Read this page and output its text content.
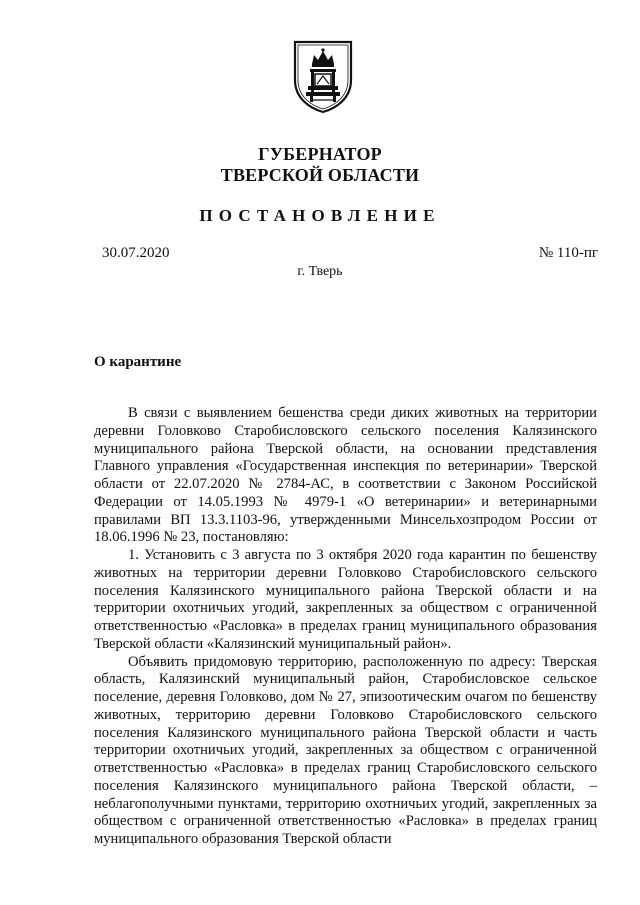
ГУБЕРНАТОР
ТВЕРСКОЙ ОБЛАСТИ
ПОСТАНОВЛЕНИЕ
30.07.2020	№ 110-пг
г. Тверь
О карантине

В связи с выявлением бешенства среди диких животных на территории деревни Головково Старобисловского сельского поселения Калязинского муниципального района Тверской области, на основании представления Главного управления «Государственная инспекция по ветеринарии» Тверской области от 22.07.2020 № 2784-АС, в соответствии с Законом Российской Федерации от 14.05.1993 № 4979-1 «О ветеринарии» и ветеринарными правилами ВП 13.3.1103-96, утвержденными Минсельхозпродом России от 18.06.1996 № 23, постановляю:

1. Установить с 3 августа по 3 октября 2020 года карантин по бешенству животных на территории деревни Головково Старобисловского сельского поселения Калязинского муниципального района Тверской области и на территории охотничьих угодий, закрепленных за обществом с ограниченной ответственностью «Расловка» в пределах границ муниципального образования Тверской области «Калязинский муниципальный район».

Объявить придомовую территорию, расположенную по адресу: Тверская область, Калязинский муниципальный район, Старобисловское сельское поселение, деревня Головково, дом № 27, эпизоотическим очагом по бешенству животных, территорию деревни Головково Старобисловского сельского поселения Калязинского муниципального района Тверской области и часть территории охотничьих угодий, закрепленных за обществом с ограниченной ответственностью «Расловка» в пределах границ Старобисловского сельского поселения Калязинского муниципального района Тверской области, – неблагополучными пунктами, территорию охотничьих угодий, закрепленных за обществом с ограниченной ответственностью «Расловка» в пределах границ муниципального образования Тверской области
